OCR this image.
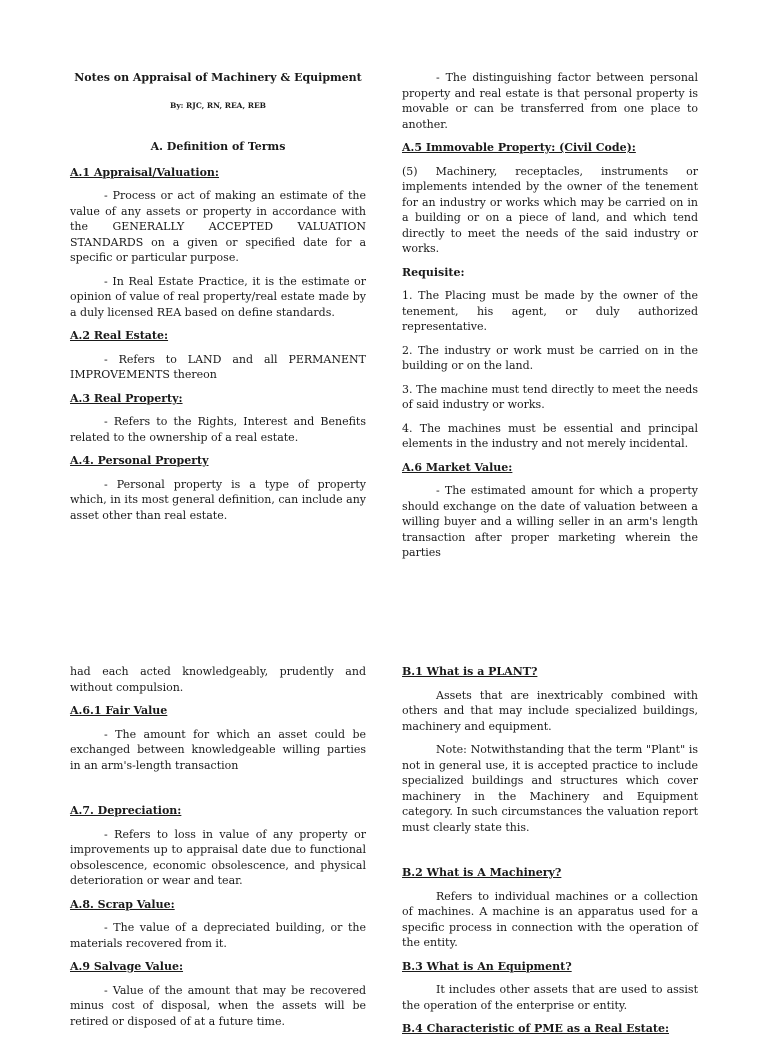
Notes on Appraisal of Machinery & Equipment
By: RJC, RN, REA, REB
A. Definition of Terms
A.1 Appraisal/Valuation:

- Process or act of making an estimate of the value of any assets or property in accordance with the GENERALLY ACCEPTED VALUATION STANDARDS on a given or specified date for a specific or particular purpose.

- In Real Estate Practice, it is the estimate or opinion of value of real property/real estate made by a duly licensed REA based on define standards.

A.2 Real Estate:

- Refers to LAND and all PERMANENT IMPROVEMENTS thereon

A.3 Real Property:

- Refers to the Rights, Interest and Benefits related to the ownership of a real estate.

A.4. Personal Property

- Personal property is a type of property which, in its most general definition, can include any asset other than real estate.

- The distinguishing factor between personal property and real estate is that personal property is movable or can be transferred from one place to another.

A.5 Immovable Property: (Civil Code):

(5) Machinery, receptacles, instruments or implements intended by the owner of the tenement for an industry or works which may be carried on in a building or on a piece of land, and which tend directly to meet the needs of the said industry or works.

Requisite:

1. The Placing must be made by the owner of the tenement, his agent, or duly authorized representative.

2. The industry or work must be carried on in the building or on the land.

3. The machine must tend directly to meet the needs of said industry or works.

4. The machines must be essential and principal elements in the industry and not merely incidental.

A.6 Market Value:

- The estimated amount for which a property should exchange on the date of valuation between a willing buyer and a willing seller in an arm's length transaction after proper marketing wherein the parties

had each acted knowledgeably, prudently and without compulsion.

A.6.1 Fair Value

- The amount for which an asset could be exchanged between knowledgeable willing parties in an arm's-length transaction

A.7. Depreciation:

- Refers to loss in value of any property or improvements up to appraisal date due to functional obsolescence, economic obsolescence, and physical deterioration or wear and tear.

A.8. Scrap Value:

- The value of a depreciated building, or the materials recovered from it.

A.9 Salvage Value:

- Value of the amount that may be recovered minus cost of disposal, when the assets will be retired or disposed of at a future time.

B.1 What is a PLANT?

Assets that are inextricably combined with others and that may include specialized buildings, machinery and equipment.

Note: Notwithstanding that the term "Plant" is not in general use, it is accepted practice to include specialized buildings and structures which cover machinery in the Machinery and Equipment category. In such circumstances the valuation report must clearly state this.

B.2 What is A Machinery?

Refers to individual machines or a collection of machines. A machine is an apparatus used for a specific process in connection with the operation of the entity.

B.3 What is An Equipment?

It includes other assets that are used to assist the operation of the enterprise or entity.

B.4 Characteristic of PME as a Real Estate:
